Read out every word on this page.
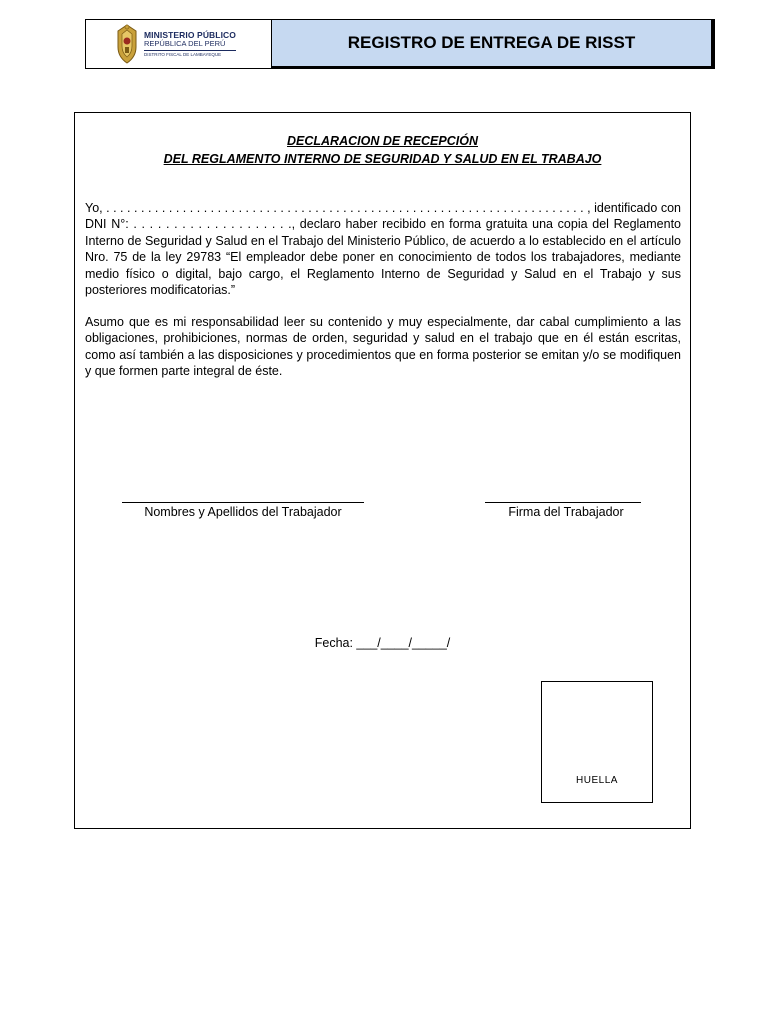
MINISTERIO PÚBLICO
REPÚBLICA DEL PERÚ
DISTRITO FISCAL DE LAMBAYEQUE
REGISTRO DE ENTREGA DE RISST
DECLARACION DE RECEPCIÓN
DEL REGLAMENTO INTERNO DE SEGURIDAD Y SALUD EN EL TRABAJO

Yo, . . . . . . . . . . . . . . . . . . . . . . . . . . . . . . . . . . . . . . . . . . . . . . . . . . . . . . . . . . . . . . . . . . . . . , identificado con DNI N°: . . . . . . . . . . . . . . . . . . . ., declaro haber recibido en forma gratuita una copia del Reglamento Interno de Seguridad y Salud en el Trabajo del Ministerio Público, de acuerdo a lo establecido en el artículo Nro. 75 de la ley 29783 “El empleador debe poner en conocimiento de todos los trabajadores, mediante medio físico o digital, bajo cargo, el Reglamento Interno de Seguridad y Salud en el Trabajo y sus posteriores modificatorias.”

Asumo que es mi responsabilidad leer su contenido y muy especialmente, dar cabal cumplimiento a las obligaciones, prohibiciones, normas de orden, seguridad y salud en el trabajo que en él están escritas, como así también a las disposiciones y procedimientos que en forma posterior se emitan y/o se modifiquen y que formen parte integral de éste.

Nombres y Apellidos del Trabajador	Firma del Trabajador
Fecha: ___/____/_____/
HUELLA
